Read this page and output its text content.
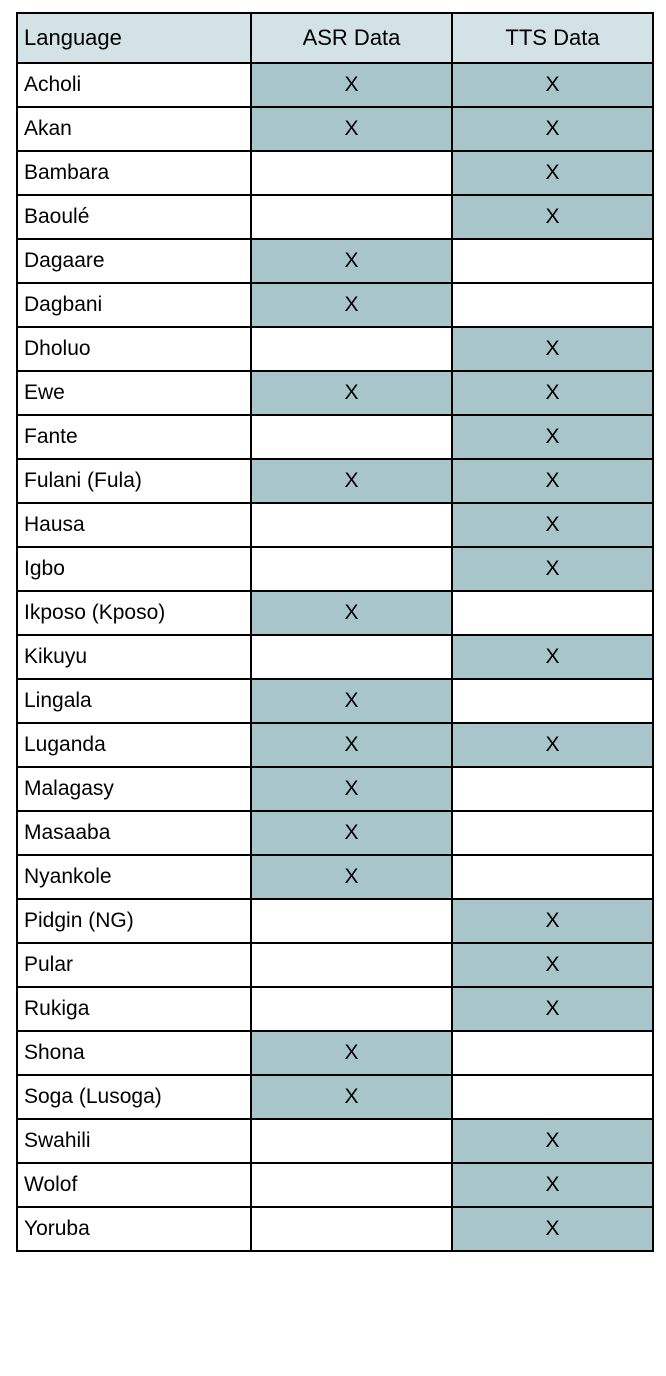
Language	ASR Data	TTS Data
Acholi	X	X
Akan	X	X
Bambara		X
Baoulé		X
Dagaare	X	
Dagbani	X	
Dholuo		X
Ewe	X	X
Fante		X
Fulani (Fula)	X	X
Hausa		X
Igbo		X
Ikposo (Kposo)	X	
Kikuyu		X
Lingala	X	
Luganda	X	X
Malagasy	X	
Masaaba	X	
Nyankole	X	
Pidgin (NG)		X
Pular		X
Rukiga		X
Shona	X	
Soga (Lusoga)	X	
Swahili		X
Wolof		X
Yoruba		X
